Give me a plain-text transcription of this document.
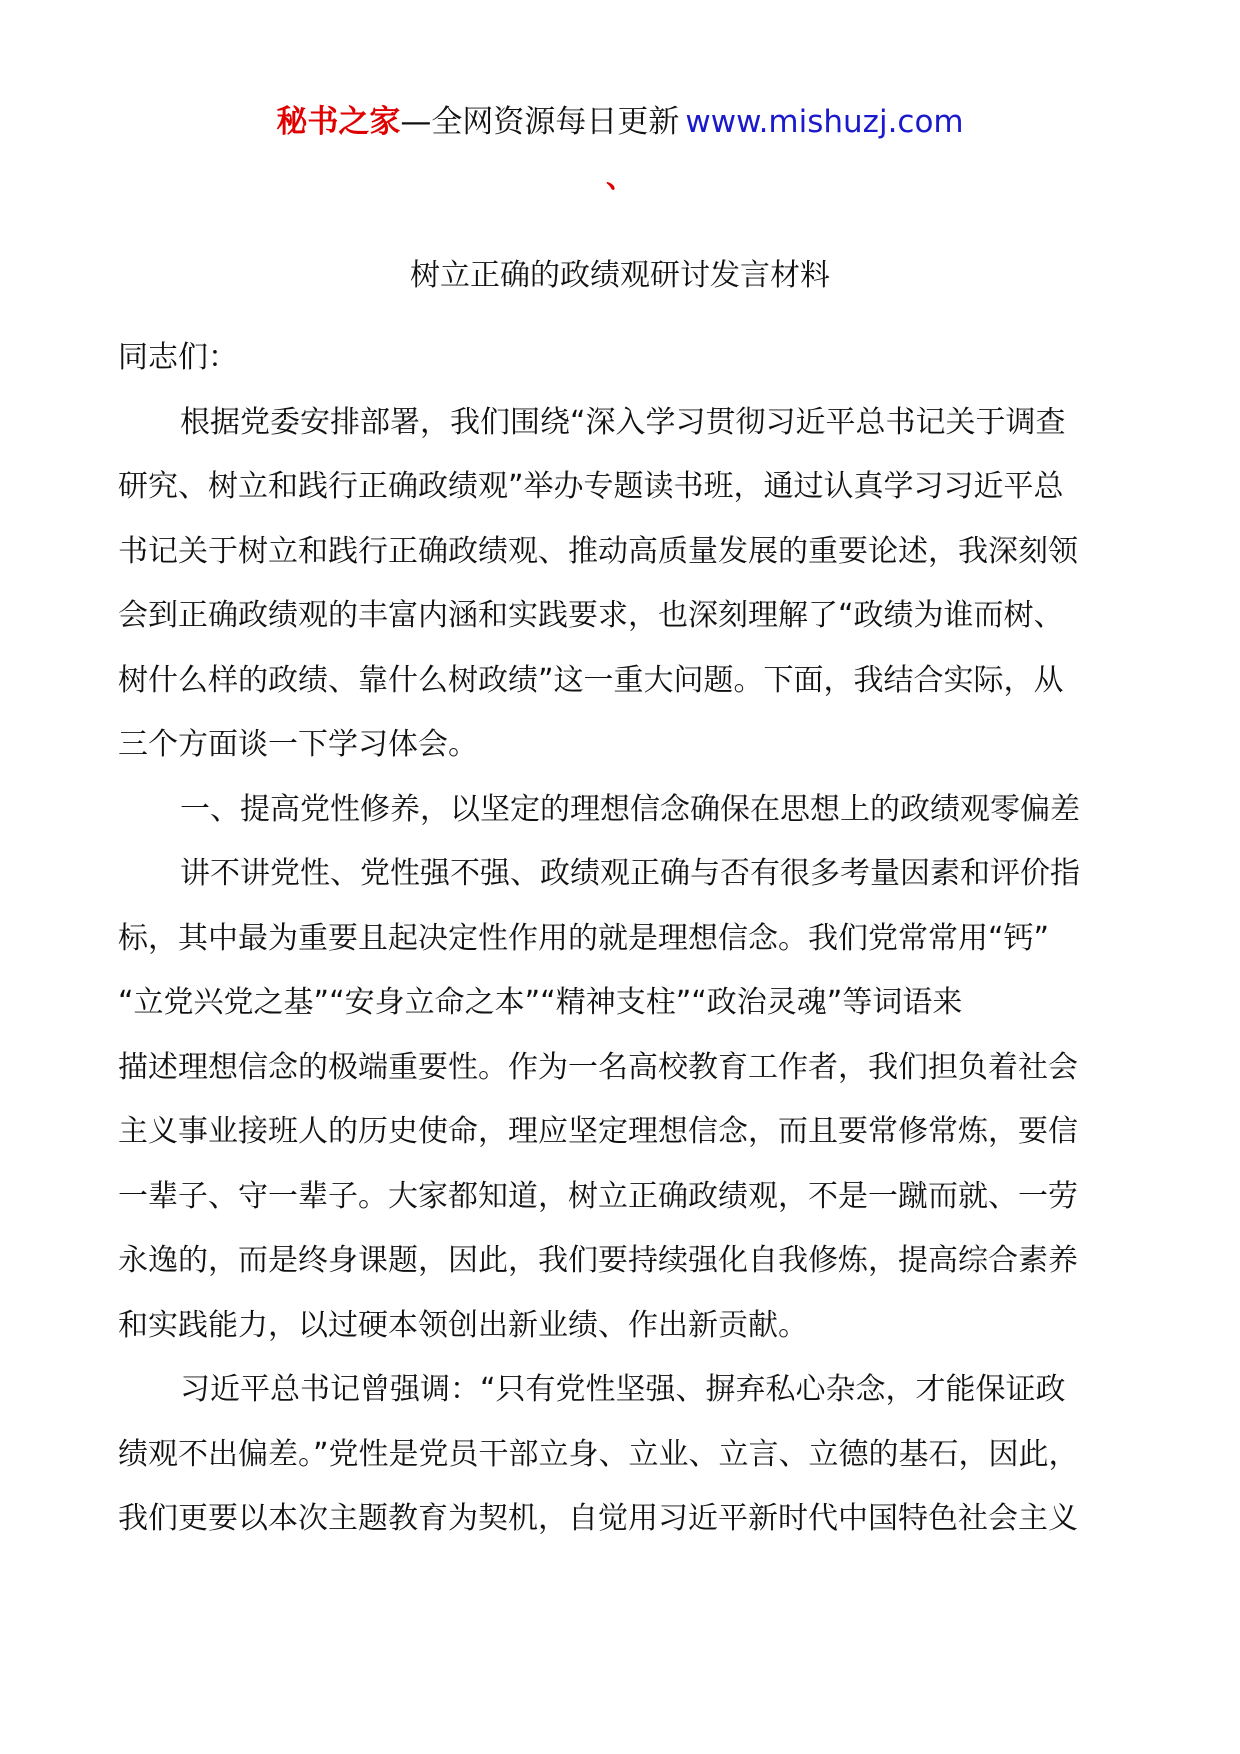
秘书之家—全网资源每日更新 www.mishuzj.com
、
树立正确的政绩观研讨发言材料
同志们：
根据党委安排部署，我们围绕“深入学习贯彻习近平总书记关于调查
研究、树立和践行正确政绩观”举办专题读书班，通过认真学习习近平总
书记关于树立和践行正确政绩观、推动高质量发展的重要论述，我深刻领
会到正确政绩观的丰富内涵和实践要求，也深刻理解了“政绩为谁而树、
树什么样的政绩、靠什么树政绩”这一重大问题。下面，我结合实际，从
三个方面谈一下学习体会。
一、提高党性修养，以坚定的理想信念确保在思想上的政绩观零偏差
讲不讲党性、党性强不强、政绩观正确与否有很多考量因素和评价指
标，其中最为重要且起决定性作用的就是理想信念。我们党常常用“钙”
“立党兴党之基”“安身立命之本”“精神支柱”“政治灵魂”等词语来
描述理想信念的极端重要性。作为一名高校教育工作者，我们担负着社会
主义事业接班人的历史使命，理应坚定理想信念，而且要常修常炼，要信
一辈子、守一辈子。大家都知道，树立正确政绩观，不是一蹴而就、一劳
永逸的，而是终身课题，因此，我们要持续强化自我修炼，提高综合素养
和实践能力，以过硬本领创出新业绩、作出新贡献。
习近平总书记曾强调：“只有党性坚强、摒弃私心杂念，才能保证政
绩观不出偏差。”党性是党员干部立身、立业、立言、立德的基石，因此，
我们更要以本次主题教育为契机，自觉用习近平新时代中国特色社会主义
